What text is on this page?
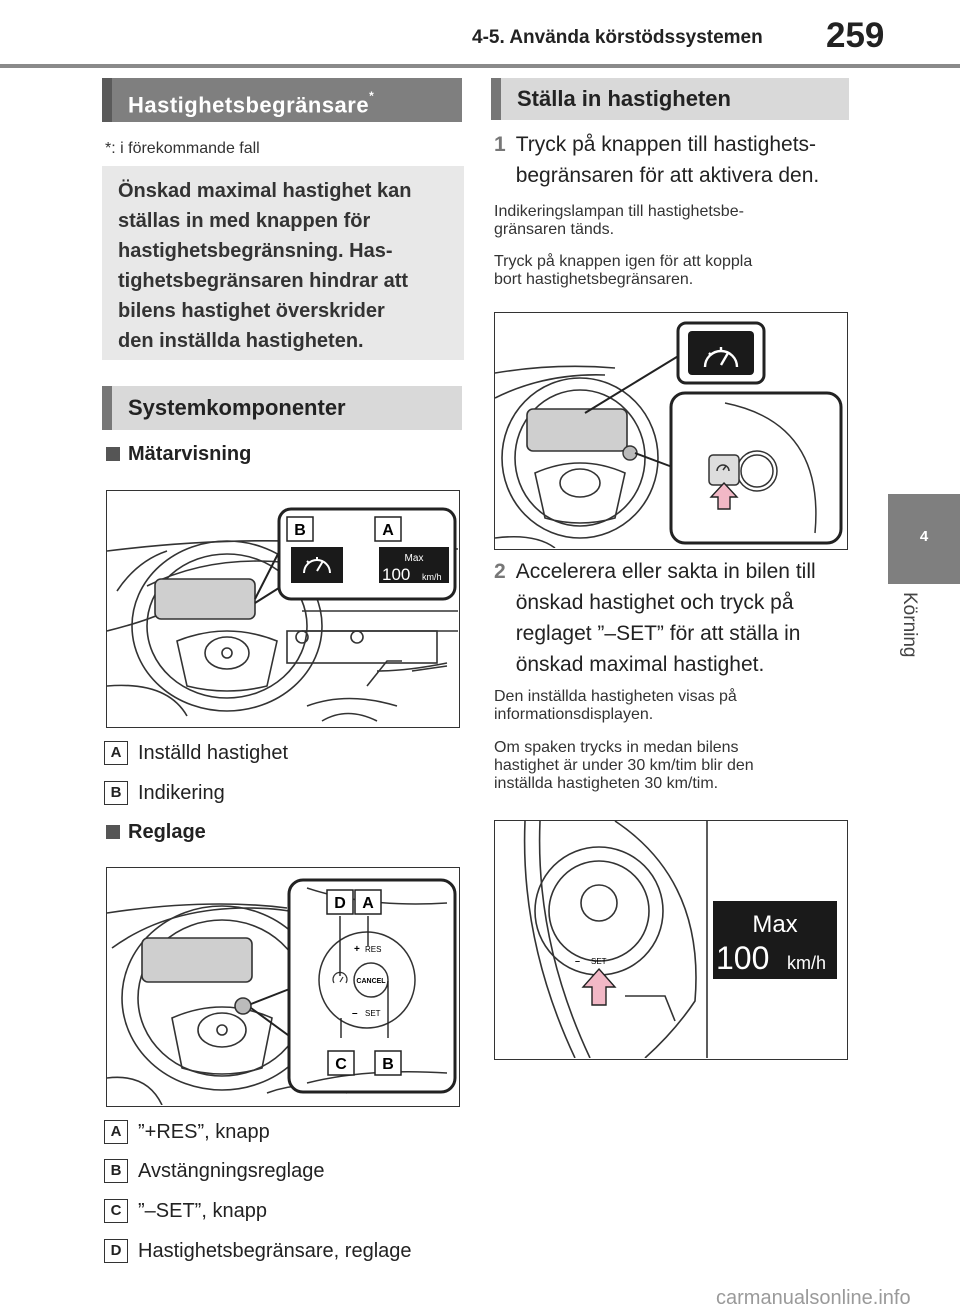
4-5. Använda körstödssystemen 259
4
Körning
Hastighetsbegränsare*
*: i förekommande fall
Önskad maximal hastighet kan
ställas in med knappen för
hastighetsbegränsning. Has-
tighetsbegränsaren hindrar att
bilens hastighet överskrider
den inställda hastigheten.
Systemkomponenter
Mätarvisning
Max
100 km/h
B	A
A Inställd hastighet
B Indikering
Reglage
CANCEL
RES
+
SET
–
D A
C B
A ”+RES”, knapp
B Avstängningsreglage
C ”–SET”, knapp
D Hastighetsbegränsare, reglage
Ställa in hastigheten
1 Tryck på knappen till hastighets-
begränsaren för att aktivera den.
Indikeringslampan till hastighetsbe-
gränsaren tänds.
Tryck på knappen igen för att koppla
bort hastighetsbegränsaren.
2 Accelerera eller sakta in bilen till
önskad hastighet och tryck på
reglaget ”–SET” för att ställa in
önskad maximal hastighet.
Den inställda hastigheten visas på
informationsdisplayen.
Om spaken trycks in medan bilens
hastighet är under 30 km/tim blir den
inställda hastigheten 30 km/tim.
– SET
Max
100 km/h
carmanualsonline.info
